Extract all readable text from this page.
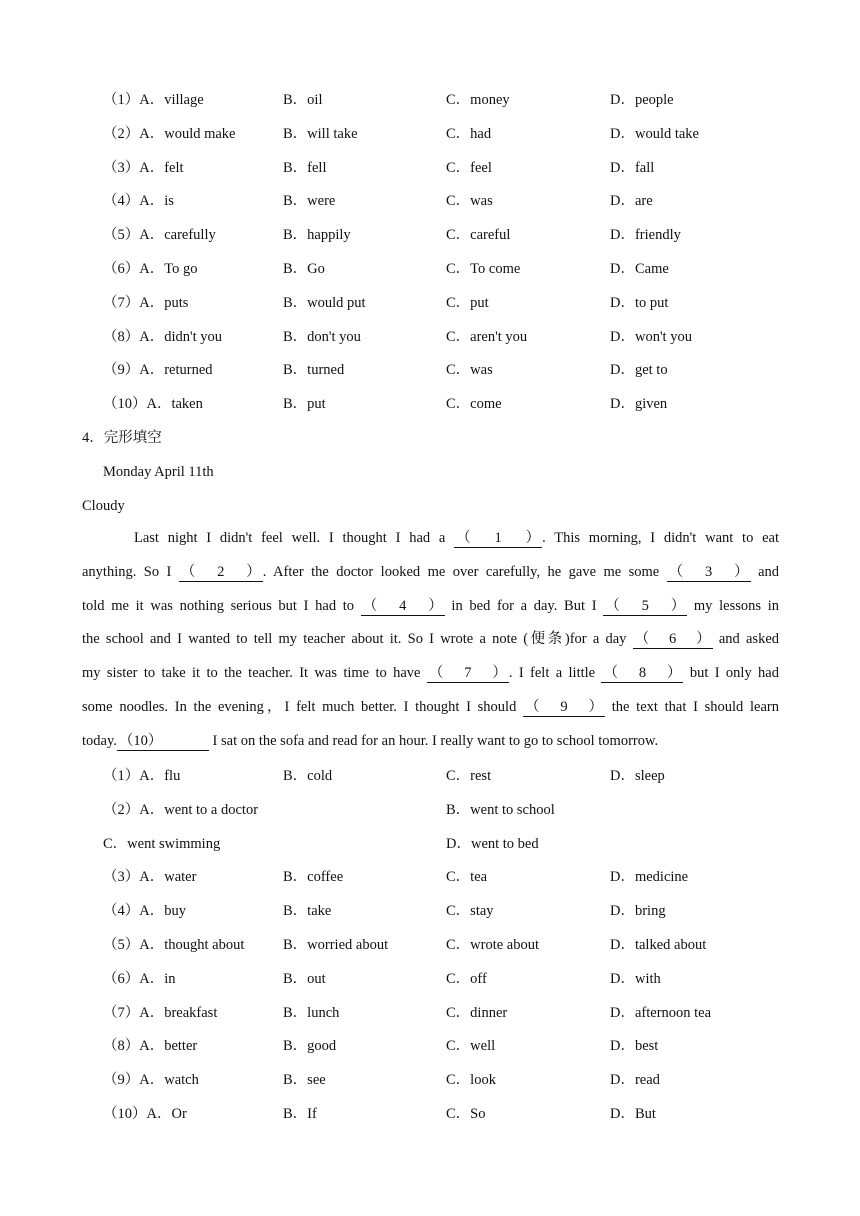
（1）A．village	B．oil	C．money	D．people
（2）A．would make	B．will take	C．had	D．would take
（3）A．felt	B．fell	C．feel	D．fall
（4）A．is	B．were	C．was	D．are
（5）A．carefully	B．happily	C．careful	D．friendly
（6）A．To go	B．Go	C．To come	D．Came
（7）A．puts	B．would put	C．put	D．to put
（8）A．didn't you	B．don't you	C．aren't you	D．won't you
（9）A．returned	B．turned	C．was	D．get to
（10）A．taken	B．put	C．come	D．given
4．完形填空
Monday April 11th
Cloudy
Last night I didn't feel well. I thought I had a （1） . This morning, I didn't want to eat
anything. So I （2） . After the doctor looked me over carefully, he gave me some （3） and
told me it was nothing serious but I had to （4） in bed for a day. But I （5） my lessons in
the school and I wanted to tell my teacher about it. So I wrote a note (便条)for a day （6） and asked
my sister to take it to the teacher. It was time to have （7） . I felt a little （8） but I only had
some noodles. In the evening，I felt much better. I thought I should （9） the text that I should learn
today. （10）	I sat on the sofa and read for an hour. I really want to go to school tomorrow.
（1）A．flu	B．cold	C．rest	D．sleep
（2）A．went to a doctor	B．went to school
C．went swimming	D．went to bed
（3）A．water	B．coffee	C．tea	D．medicine
（4）A．buy	B．take	C．stay	D．bring
（5）A．thought about	B．worried about	C．wrote about	D．talked about
（6）A．in	B．out	C．off	D．with
（7）A．breakfast	B．lunch	C．dinner	D．afternoon tea
（8）A．better	B．good	C．well	D．best
（9）A．watch	B．see	C．look	D．read
（10）A．Or	B．If	C．So	D．But
